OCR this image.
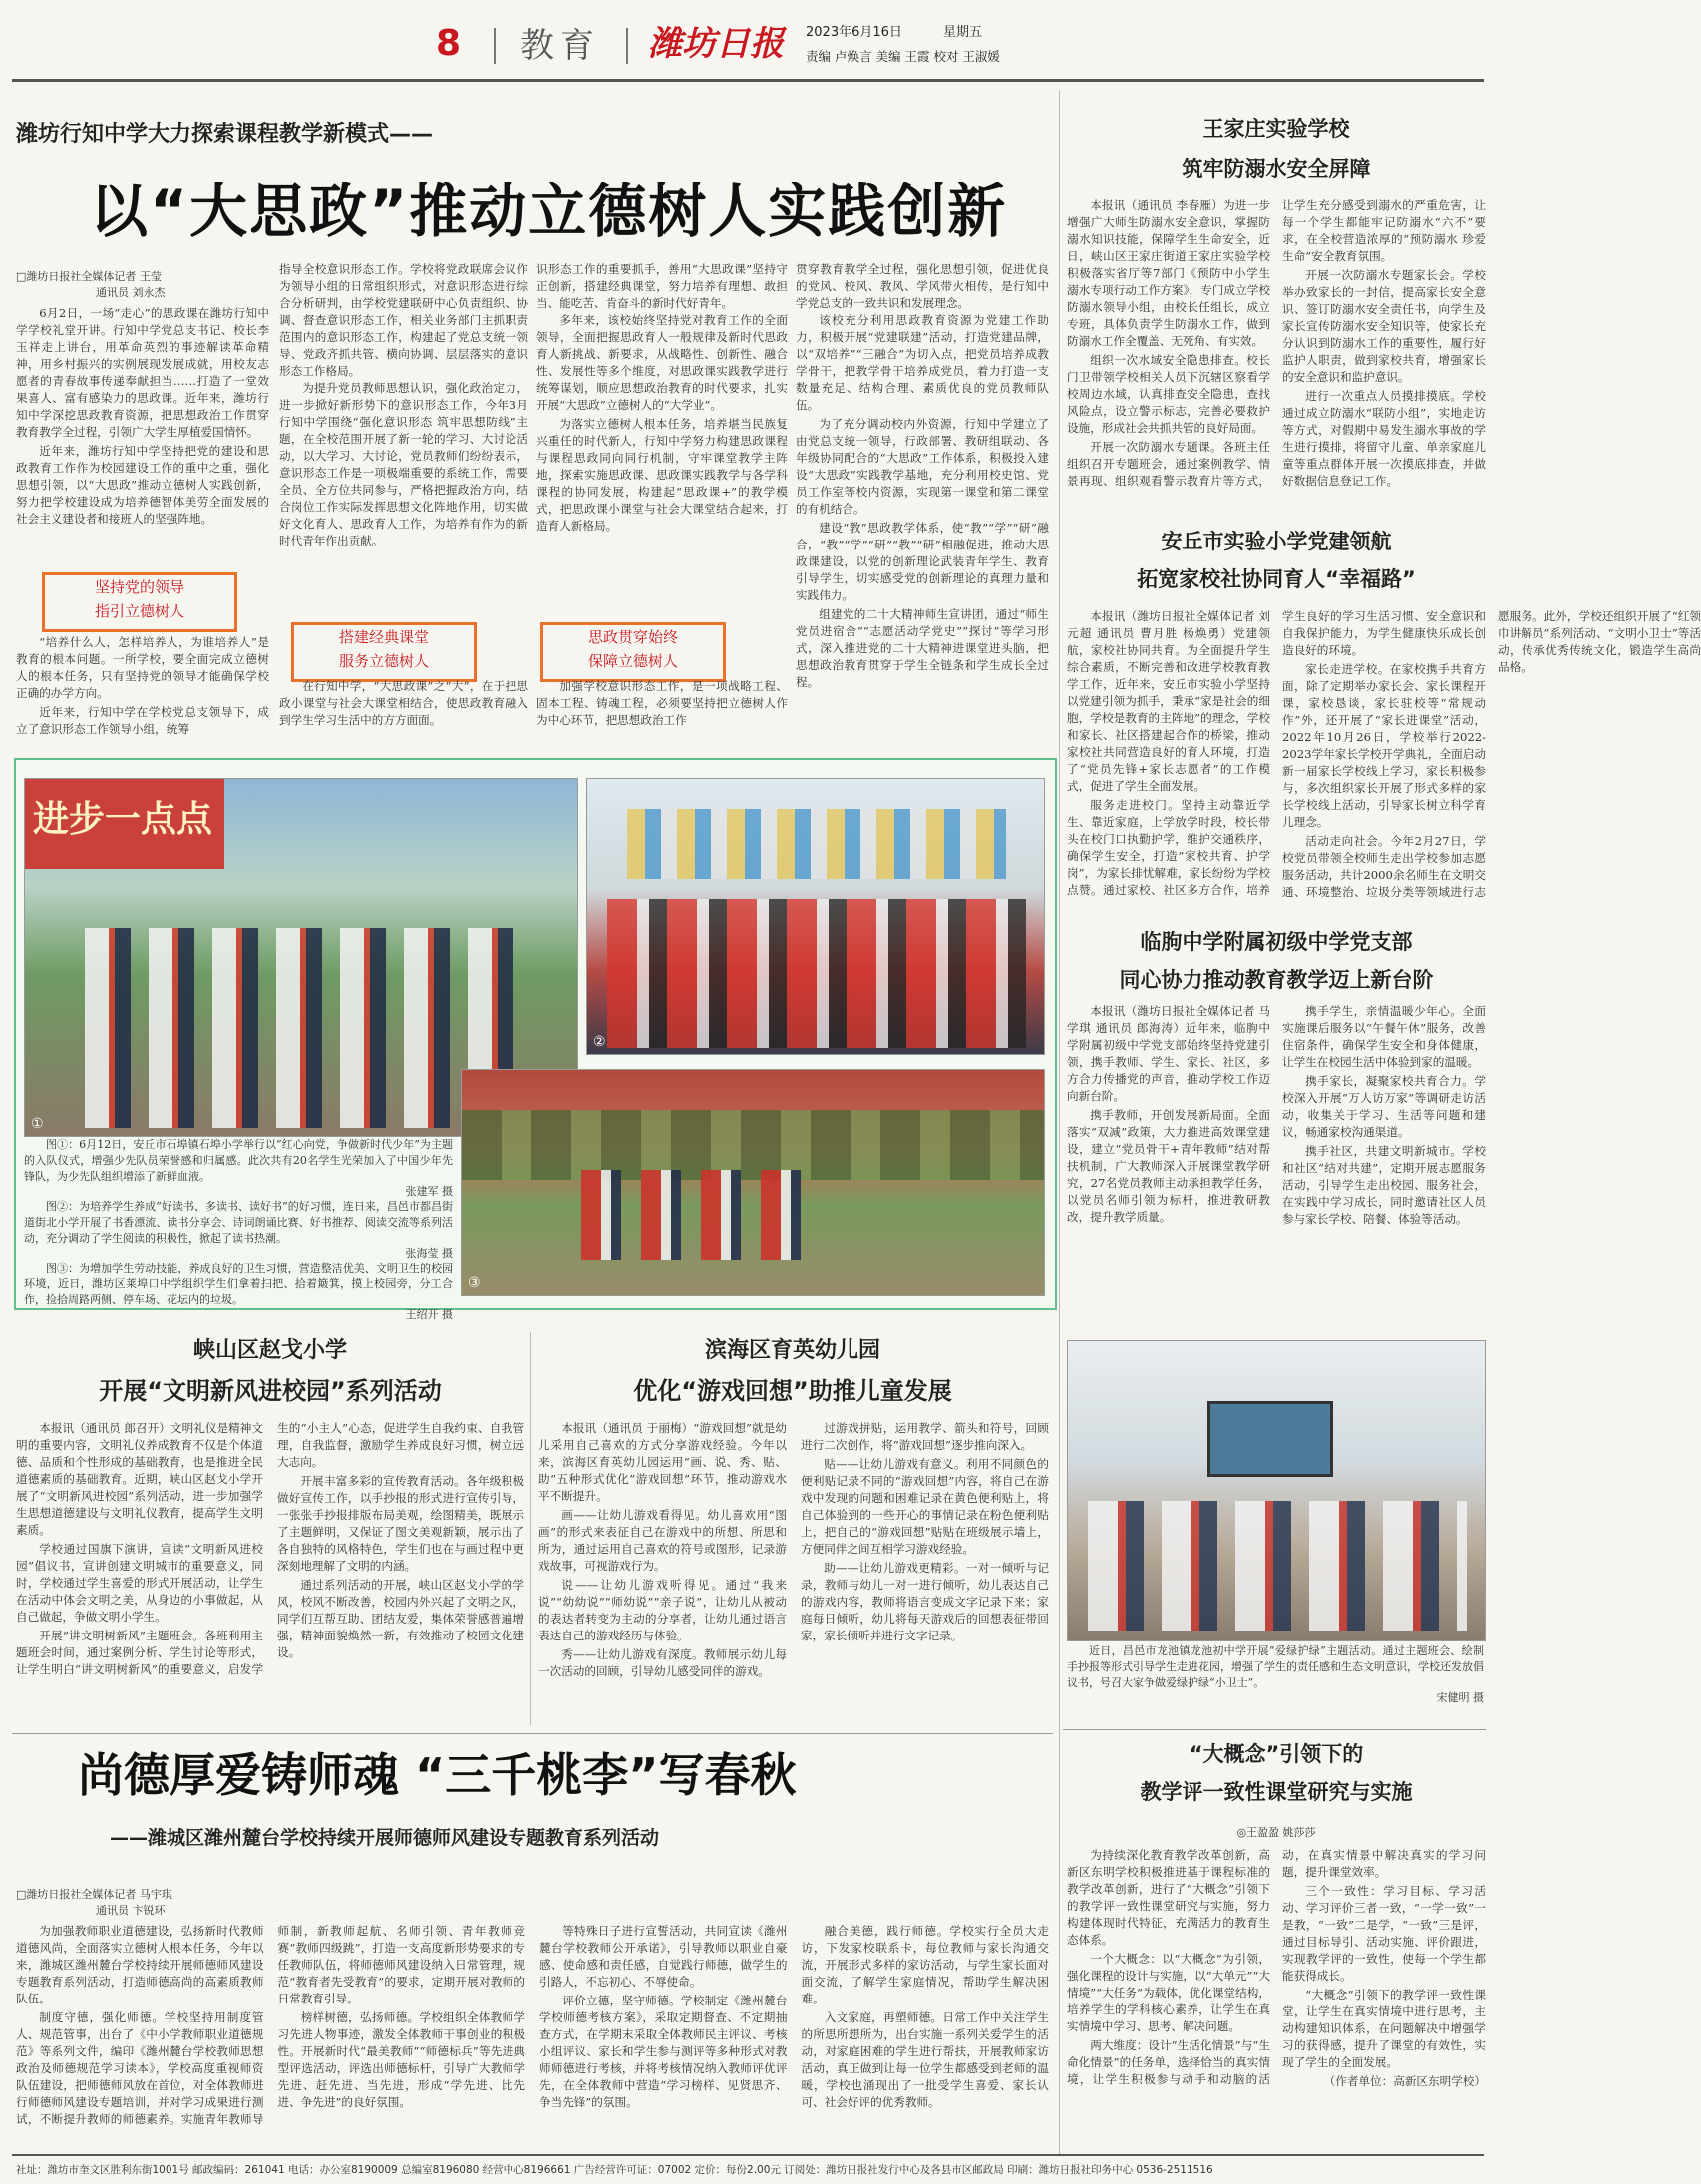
8 教育 潍坊日报 2023年6月16日	星期五
责编 卢焕言 美编 王霞 校对 王淑媛
潍坊行知中学大力探索课程教学新模式——
以“大思政”推动立德树人实践创新
□潍坊日报社全媒体记者 王莹
通讯员 刘永杰

6月2日，一场“走心”的思政课在潍坊行知中学学校礼堂开讲。行知中学党总支书记、校长李玉祥走上讲台，用革命英烈的事迹解读革命精神，用乡村振兴的实例展现发展成就，用校友志愿者的青春故事传递奉献担当……打造了一堂效果喜人、富有感染力的思政课。近年来，潍坊行知中学深挖思政教育资源，把思想政治工作贯穿教育教学全过程，引领广大学生厚植爱国情怀。

近年来，潍坊行知中学坚持把党的建设和思政教育工作作为校园建设工作的重中之重，强化思想引领，以“大思政”推动立德树人实践创新，努力把学校建设成为培养德智体美劳全面发展的社会主义建设者和接班人的坚强阵地。

坚持党的领导
指引立德树人

“培养什么人，怎样培养人，为谁培养人”是教育的根本问题。一所学校，要全面完成立德树人的根本任务，只有坚持党的领导才能确保学校正确的办学方向。

近年来，行知中学在学校党总支领导下，成立了意识形态工作领导小组，统筹

指导全校意识形态工作。学校将党政联席会议作为领导小组的日常组织形式，对意识形态进行综合分析研判，由学校党建联研中心负责组织、协调、督查意识形态工作，相关业务部门主抓职责范围内的意识形态工作，构建起了党总支统一领导、党政齐抓共管、横向协调、层层落实的意识形态工作格局。

为提升党员教师思想认识，强化政治定力，进一步掀好新形势下的意识形态工作，今年3月行知中学围绕“强化意识形态 筑牢思想防线”主题，在全校范围开展了新一轮的学习、大讨论活动，以大学习、大讨论，党员教师们纷纷表示，意识形态工作是一项极端重要的系统工作，需要全员、全方位共同参与，严格把握政治方向，结合岗位工作实际发挥思想文化阵地作用，切实做好文化育人、思政育人工作，为培养有作为的新时代青年作出贡献。

搭建经典课堂
服务立德树人

在行知中学，“大思政课”之“大”，在于把思政小课堂与社会大课堂相结合，使思政教育融入到学生学习生活中的方方面面。

识形态工作的重要抓手，善用“大思政课”坚持守正创新，搭建经典课堂，努力培养有理想、敢担当、能吃苦、肯奋斗的新时代好青年。

多年来，该校始终坚持党对教育工作的全面领导，全面把握思政育人一般规律及新时代思政育人新挑战、新要求，从战略性、创新性、融合性、发展性等多个维度，对思政课实践教学进行统筹谋划，顺应思想政治教育的时代要求，扎实开展“大思政”立德树人的“大学业”。

为落实立德树人根本任务，培养堪当民族复兴重任的时代新人，行知中学努力构建思政课程与课程思政同向同行机制，守牢课堂教学主阵地，探索实施思政课、思政课实践教学与各学科课程的协同发展，构建起“思政课+”的教学模式，把思政课小课堂与社会大课堂结合起来，打造育人新格局。

思政贯穿始终
保障立德树人

加强学校意识形态工作，是一项战略工程、固本工程、铸魂工程，必须要坚持把立德树人作为中心环节，把思想政治工作

贯穿教育教学全过程，强化思想引领，促进优良的党风、校风、教风、学风带火相传，是行知中学党总支的一致共识和发展理念。

该校充分利用思政教育资源为党建工作助力，积极开展“党建联建”活动，打造党建品牌，以“双培养”“三融合”为切入点，把党员培养成教学骨干，把教学骨干培养成党员，着力打造一支数量充足、结构合理、素质优良的党员教师队伍。

为了充分调动校内外资源，行知中学建立了由党总支统一领导，行政部署、教研组联动、各年级协同配合的“大思政”工作体系，积极投入建设“大思政”实践教学基地，充分利用校史馆、党员工作室等校内资源，实现第一课堂和第二课堂的有机结合。

建设“教”思政教学体系，使“教”“学”“研”融合，“教”“学”“研”“教”“研”相融促进，推动大思政课建设，以党的创新理论武装青年学生、教育引导学生，切实感受党的创新理论的真理力量和实践伟力。

组建党的二十大精神师生宣讲团，通过“师生党员进宿舍”“志愿活动学党史”“探讨”等学习形式，深入推进党的二十大精神进课堂进头脑，把思想政治教育贯穿于学生全链条和学生成长全过程。

进步一点点
①
②
③

图①：6月12日，安丘市石埠镇石埠小学举行以“红心向党，争做新时代少年”为主题的入队仪式，增强少先队员荣誉感和归属感。此次共有20名学生光荣加入了中国少年先锋队，为少先队组织增添了新鲜血液。

张建军 摄

图②：为培养学生养成“好读书、多读书、读好书”的好习惯，连日来，昌邑市都昌街道街北小学开展了书香漂流、读书分享会、诗词朗诵比赛、好书推荐、阅读交流等系列活动，充分调动了学生阅读的积极性，掀起了读书热潮。

张海莹 摄

图③：为增加学生劳动技能，养成良好的卫生习惯，营造整洁优美、文明卫生的校园环境，近日，潍坊区莱埠口中学组织学生们拿着扫把、拾着簸箕，摸上校园旁，分工合作，捡拾周路两侧、停车场、花坛内的垃圾。

王绍开 摄
峡山区赵戈小学
开展“文明新风进校园”系列活动

本报讯（通讯员 郎召开）文明礼仪是精神文明的重要内容，文明礼仪养成教育不仅是个体道德、品质和个性形成的基础教育，也是推进全民道德素质的基础教育。近期，峡山区赵戈小学开展了“文明新风进校园”系列活动，进一步加强学生思想道德建设与文明礼仪教育，提高学生文明素质。

学校通过国旗下演讲，宣读“文明新风进校园”倡议书，宣讲创建文明城市的重要意义，同时，学校通过学生喜爱的形式开展活动，让学生在活动中体会文明之美，从身边的小事做起，从自己做起，争做文明小学生。

开展“讲文明树新风”主题班会。各班利用主题班会时间，通过案例分析、学生讨论等形式，让学生明白“讲文明树新风”的重要意义，启发学生的“小主人”心态，促进学生自我约束、自我管理，自我监督，激励学生养成良好习惯，树立远大志向。

开展丰富多彩的宣传教育活动。各年级积极做好宣传工作，以手抄报的形式进行宣传引导，一张张手抄报排版布局美观，绘图精美，既展示了主题鲜明，又保证了图文美观新颖，展示出了各自独特的风格特色，学生们也在与画过程中更深刻地理解了文明的内涵。

通过系列活动的开展，峡山区赵戈小学的学风，校风不断改善，校园内外兴起了文明之风，同学们互帮互助、团结友爱，集体荣誉感普遍增强，精神面貌焕然一新，有效推动了校园文化建设。

滨海区育英幼儿园
优化“游戏回想”助推儿童发展

本报讯（通讯员 于丽梅）“游戏回想”就是幼儿采用自己喜欢的方式分享游戏经验。今年以来，滨海区育英幼儿园运用“画、说、秀、贴、助”五种形式优化“游戏回想”环节，推动游戏水平不断提升。

画——让幼儿游戏看得见。幼儿喜欢用“图画”的形式来表征自己在游戏中的所想、所思和所为，通过运用自己喜欢的符号或图形，记录游戏故事，可视游戏行为。

说——让幼儿游戏听得见。通过“我来说”“幼幼说”“师幼说”“亲子说”，让幼儿从被动的表达者转变为主动的分享者，让幼儿通过语言表达自己的游戏经历与体验。

秀——让幼儿游戏有深度。教师展示幼儿每一次活动的回顾，引导幼儿感受同伴的游戏。

过游戏拼贴，运用教学、箭头和符号，回顾进行二次创作，将“游戏回想”逐步推向深入。

贴——让幼儿游戏有意义。利用不同颜色的便利贴记录不同的“游戏回想”内容，将自己在游戏中发现的问题和困难记录在黄色便利贴上，将自己体验到的一些开心的事情记录在粉色便利贴上，把自己的“游戏回想”贴贴在班级展示墙上，方便同伴之间互相学习游戏经验。

助——让幼儿游戏更精彩。一对一倾听与记录，教师与幼儿一对一进行倾听，幼儿表达自己的游戏内容，教师将语言变成文字记录下来；家庭每日倾听，幼儿将每天游戏后的回想表征带回家，家长倾听并进行文字记录。

尚德厚爱铸师魂 “三千桃李”写春秋
——潍城区潍州麓台学校持续开展师德师风建设专题教育系列活动
□潍坊日报社全媒体记者 马宇琪
通讯员 卞锐环

为加强教师职业道德建设，弘扬新时代教师道德风尚，全面落实立德树人根本任务，今年以来，潍城区潍州麓台学校持续开展师德师风建设专题教育系列活动，打造师德高尚的高素质教师队伍。

制度守德，强化师德。学校坚持用制度管人、规范管事，出台了《中小学教师职业道德规范》等系列文件，编印《潍州麓台学校教师思想政治及师德规范学习读本》，学校高度重视师资队伍建设，把师德师风放在首位，对全体教师进行师德师风建设专题培训，并对学习成果进行测试，不断提升教师的师德素养。实施青年教师导师制，新教师起航、名师引领、青年教师竞赛“教师四级跳”，打造一支高度新形势要求的专任教师队伍，将师德师风建设纳入日常管理，规范“教育者先受教育”的要求，定期开展对教师的日常教育引导。

榜样树德，弘扬师德。学校组织全体教师学习先进人物事迹，激发全体教师干事创业的积极性。开展新时代“最美教师”“师德标兵”等先进典型评选活动，评选出师德标杆，引导广大教师学先进、赶先进、当先进，形成“学先进、比先进、争先进”的良好氛围。

等特殊日子进行宣誓活动，共同宣读《潍州麓台学校教师公开承诺》，引导教师以职业自豪感、使命感和责任感，自觉践行师德，做学生的引路人，不忘初心、不辱使命。

评价立德，坚守师德。学校制定《潍州麓台学校师德考核方案》，采取定期督查、不定期抽查方式，在学期末采取全体教师民主评议、考核小组评议、家长和学生参与测评等多种形式对教师师德进行考核，并将考核情况纳入教师评优评先，在全体教师中营造“学习榜样、见贤思齐、争当先锋”的氛围。

融合美德，践行师德。学校实行全员大走访，下发家校联系卡，每位教师与家长沟通交流，开展形式多样的家访活动，与学生家长面对面交流，了解学生家庭情况，帮助学生解决困难。

入文家庭，再塑师德。日常工作中关注学生的所思所想所为，出台实施一系列关爱学生的活动，对家庭困难的学生进行帮扶，开展教师家访活动，真正做到让每一位学生都感受到老师的温暖，学校也涌现出了一批受学生喜爱、家长认可、社会好评的优秀教师。

王家庄实验学校
筑牢防溺水安全屏障

本报讯（通讯员 李春雁）为进一步增强广大师生防溺水安全意识，掌握防溺水知识技能，保障学生生命安全，近日，峡山区王家庄街道王家庄实验学校积极落实省厅等7部门《预防中小学生溺水专项行动工作方案》，专门成立学校防溺水领导小组，由校长任组长，成立专班，具体负责学生防溺水工作，做到防溺水工作全覆盖、无死角、有实效。

组织一次水域安全隐患排查。校长门卫带领学校相关人员下沉辖区察看学校周边水域，认真排查安全隐患，查找风险点，设立警示标志，完善必要救护设施，形成社会共抓共管的良好局面。

开展一次防溺水专题课。各班主任组织召开专题班会，通过案例教学、情景再现、组织观看警示教育片等方式，让学生充分感受到溺水的严重危害，让每一个学生都能牢记防溺水“六不”要求，在全校营造浓厚的“预防溺水 珍爱生命”安全教育氛围。

开展一次防溺水专题家长会。学校举办致家长的一封信，提高家长安全意识、签订防溺水安全责任书，向学生及家长宣传防溺水安全知识等，使家长充分认识到防溺水工作的重要性，履行好监护人职责，做到家校共育，增强家长的安全意识和监护意识。

进行一次重点人员摸排摸底。学校通过成立防溺水“联防小组”，实地走访等方式，对假期中易发生溺水事故的学生进行摸排，将留守儿童、单亲家庭儿童等重点群体开展一次摸底排查，并做好数据信息登记工作。

安丘市实验小学党建领航
拓宽家校社协同育人“幸福路”

本报讯（潍坊日报社全媒体记者 刘元超 通讯员 曹月胜 杨焕勇）党建领航，家校社协同共育。为全面提升学生综合素质，不断完善和改进学校教育教学工作，近年来，安丘市实验小学坚持以党建引领为抓手，秉承“家是社会的细胞，学校是教育的主阵地”的理念，学校和家长、社区搭建起合作的桥梁，推动家校社共同营造良好的育人环境，打造了“党员先锋+家长志愿者”的工作模式，促进了学生全面发展。

服务走进校门。坚持主动靠近学生、靠近家庭，上学放学时段，校长带头在校门口执勤护学，维护交通秩序，确保学生安全，打造“家校共育、护学岗”，为家长排忧解难，家长纷纷为学校点赞。通过家校、社区多方合作，培养学生良好的学习生活习惯、安全意识和自我保护能力，为学生健康快乐成长创造良好的环境。

家长走进学校。在家校携手共育方面，除了定期举办家长会、家长课程开课，家校恳谈，家长驻校等“常规动作”外，还开展了“家长进课堂”活动，2022年10月26日，学校举行2022-2023学年家长学校开学典礼，全面启动新一届家长学校线上学习，家长积极参与，多次组织家长开展了形式多样的家长学校线上活动，引导家长树立科学育儿理念。

活动走向社会。今年2月27日，学校党员带领全校师生走出学校参加志愿服务活动，共计2000余名师生在文明交通、环境整治、垃圾分类等领域进行志愿服务。此外，学校还组织开展了“红领巾讲解员”系列活动、“文明小卫士”等活动，传承优秀传统文化，锻造学生高尚品格。

临朐中学附属初级中学党支部
同心协力推动教育教学迈上新台阶

本报讯（潍坊日报社全媒体记者 马学琪 通讯员 郎海涛）近年来，临朐中学附属初级中学党支部始终坚持党建引领，携手教师、学生、家长、社区，多方合力传播党的声音，推动学校工作迈向新台阶。

携手教师，开创发展新局面。全面落实“双减”政策，大力推进高效课堂建设，建立“党员骨干+青年教师”结对帮扶机制，广大教师深入开展课堂教学研究，27名党员教师主动承担教学任务，以党员名师引领为标杆，推进教研教改，提升教学质量。

携手学生，亲情温暖少年心。全面实施课后服务以“午餐午休”服务，改善住宿条件，确保学生安全和身体健康，让学生在校园生活中体验到家的温暖。

携手家长，凝聚家校共育合力。学校深入开展“万人访万家”等调研走访活动，收集关于学习、生活等问题和建议，畅通家校沟通渠道。

携手社区，共建文明新城市。学校和社区“结对共建”，定期开展志愿服务活动，引导学生走出校园、服务社会，在实践中学习成长，同时邀请社区人员参与家长学校、陪餐、体验等活动。

近日，昌邑市龙池镇龙池初中学开展“爱绿护绿”主题活动。通过主题班会、绘制手抄报等形式引导学生走进花园，增强了学生的责任感和生态文明意识，学校还发放倡议书，号召大家争做爱绿护绿“小卫士”。

宋健明 摄
“大概念”引领下的
教学评一致性课堂研究与实施
◎王盈盈 姚莎莎

为持续深化教育教学改革创新，高新区东明学校积极推进基于课程标准的教学改革创新，进行了“大概念”引领下的教学评一致性课堂研究与实施，努力构建体现时代特征，充满活力的教育生态体系。

一个大概念：以“大概念”为引领，强化课程的设计与实施，以“大单元”“大情境”“大任务”为载体，优化课堂结构，培养学生的学科核心素养，让学生在真实情境中学习、思考、解决问题。

两大维度：设计“生活化情景”与“生命化情景”的任务单，选择恰当的真实情境，让学生积极参与动手和动脑的活动，在真实情景中解决真实的学习问题，提升课堂效率。

三个一致性：学习目标、学习活动、学习评价三者一致，“一学一致”一是教，“一致”二是学，“一致”三是评，通过目标导引、活动实施、评价跟进，实现教学评的一致性，使每一个学生都能获得成长。

“大概念”引领下的教学评一致性课堂，让学生在真实情境中进行思考，主动构建知识体系，在问题解决中增强学习的获得感，提升了课堂的有效性，实现了学生的全面发展。

（作者单位：高新区东明学校）

社址：潍坊市奎文区胜利东街1001号 邮政编码：261041 电话：办公室8190009 总编室8196080 经营中心8196661 广告经营许可证：07002 定价：每份2.00元 订阅处：潍坊日报社发行中心及各县市区邮政局 印刷：潍坊日报社印务中心 0536-2511516
